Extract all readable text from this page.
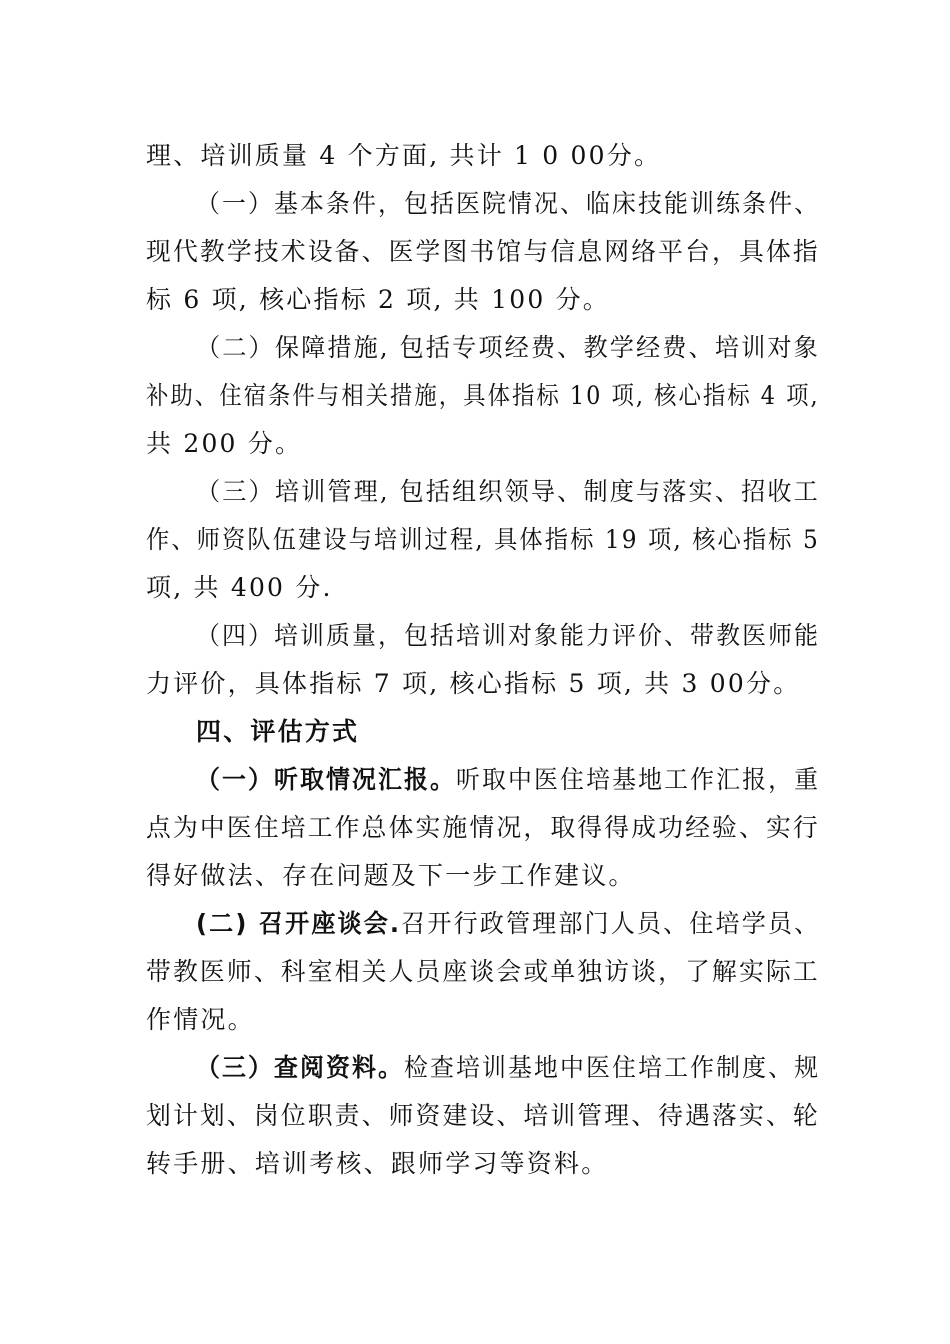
理、培训质量 4 个方面, 共计 1 0 00分。
（一）基本条件，包括医院情况、临床技能训练条件、
现代教学技术设备、医学图书馆与信息网络平台，具体指
标 6 项, 核心指标 2 项, 共 100 分。
（二）保障措施, 包括专项经费、教学经费、培训对象
补助、住宿条件与相关措施，具体指标 10 项, 核心指标 4 项,
共 200 分。
（三）培训管理, 包括组织领导、制度与落实、招收工
作、师资队伍建设与培训过程, 具体指标 19 项, 核心指标 5
项, 共 400 分.
（四）培训质量，包括培训对象能力评价、带教医师能
力评价，具体指标 7 项, 核心指标 5 项, 共 3 00分。
四、评估方式
（一）听取情况汇报。听取中医住培基地工作汇报，重
点为中医住培工作总体实施情况，取得得成功经验、实行
得好做法、存在问题及下一步工作建议。
(二) 召开座谈会.召开行政管理部门人员、住培学员、
带教医师、科室相关人员座谈会或单独访谈，了解实际工
作情况。
（三）查阅资料。检查培训基地中医住培工作制度、规
划计划、岗位职责、师资建设、培训管理、待遇落实、轮
转手册、培训考核、跟师学习等资料。
